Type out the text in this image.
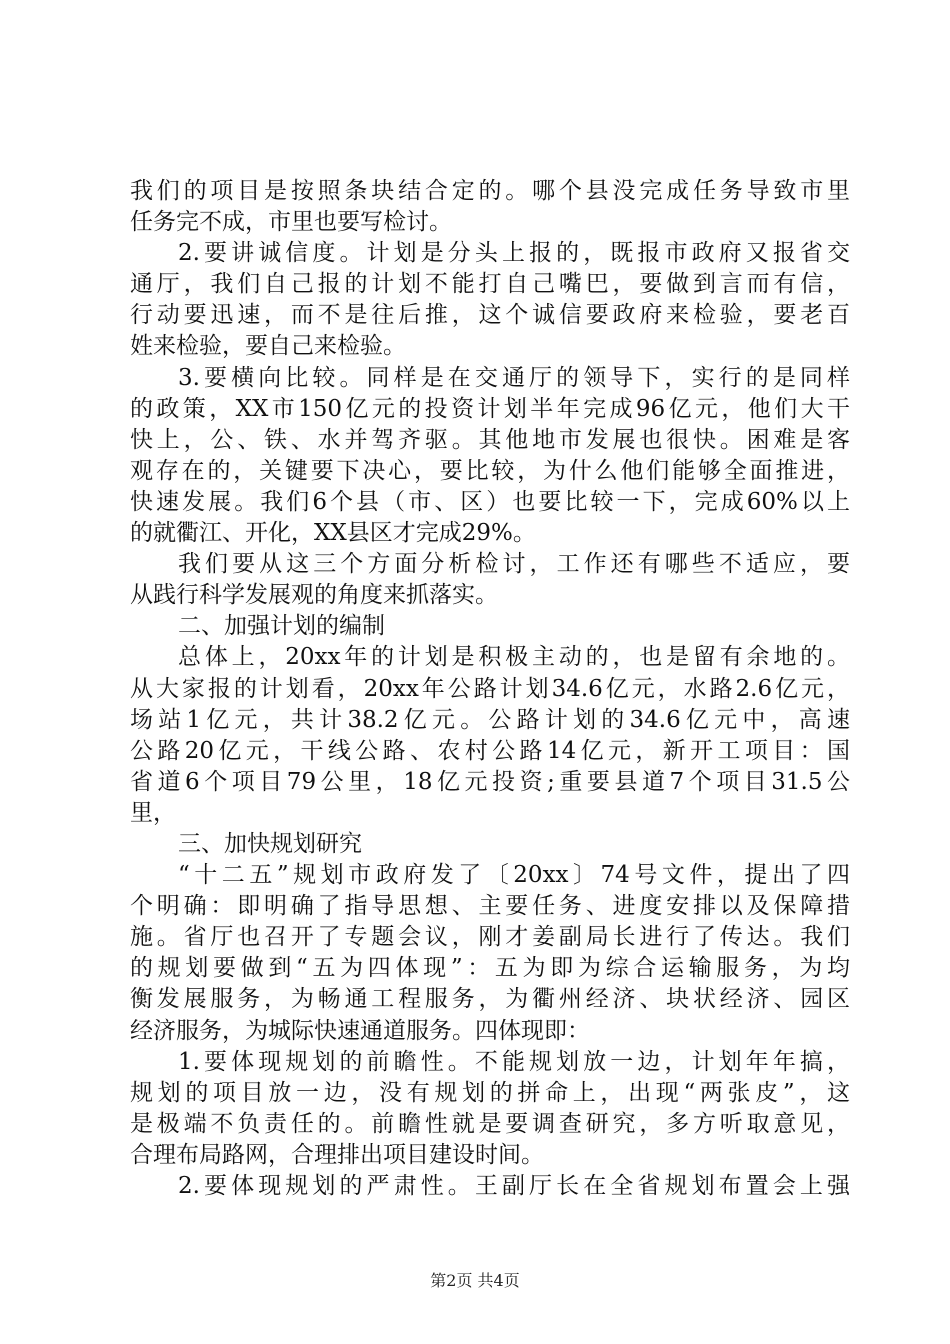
我们的项目是按照条块结合定的。哪个县没完成任务导致市里
任务完不成，市里也要写检讨。
2.要讲诚信度。计划是分头上报的，既报市政府又报省交
通厅，我们自己报的计划不能打自己嘴巴，要做到言而有信，
行动要迅速，而不是往后推，这个诚信要政府来检验，要老百
姓来检验，要自己来检验。
3.要横向比较。同样是在交通厅的领导下，实行的是同样
的政策，XX市150亿元的投资计划半年完成96亿元，他们大干
快上，公、铁、水并驾齐驱。其他地市发展也很快。困难是客
观存在的，关键要下决心，要比较，为什么他们能够全面推进，
快速发展。我们6个县（市、区）也要比较一下，完成60%以上
的就衢江、开化，XX县区才完成29%。
我们要从这三个方面分析检讨，工作还有哪些不适应，要
从践行科学发展观的角度来抓落实。
二、加强计划的编制
总体上，20xx年的计划是积极主动的，也是留有余地的。
从大家报的计划看，20xx年公路计划34.6亿元，水路2.6亿元，
场站1亿元，共计38.2亿元。公路计划的34.6亿元中，高速
公路20亿元，干线公路、农村公路14亿元，新开工项目：国
省道6个项目79公里，18亿元投资;重要县道7个项目31.5公
里，
三、加快规划研究
“十二五”规划市政府发了〔20xx〕74号文件，提出了四
个明确：即明确了指导思想、主要任务、进度安排以及保障措
施。省厅也召开了专题会议，刚才姜副局长进行了传达。我们
的规划要做到“五为四体现”：五为即为综合运输服务，为均
衡发展服务，为畅通工程服务，为衢州经济、块状经济、园区
经济服务，为城际快速通道服务。四体现即：
1.要体现规划的前瞻性。不能规划放一边，计划年年搞，
规划的项目放一边，没有规划的拼命上，出现“两张皮”，这
是极端不负责任的。前瞻性就是要调查研究，多方听取意见，
合理布局路网，合理排出项目建设时间。
2.要体现规划的严肃性。王副厅长在全省规划布置会上强
第2页 共4页
